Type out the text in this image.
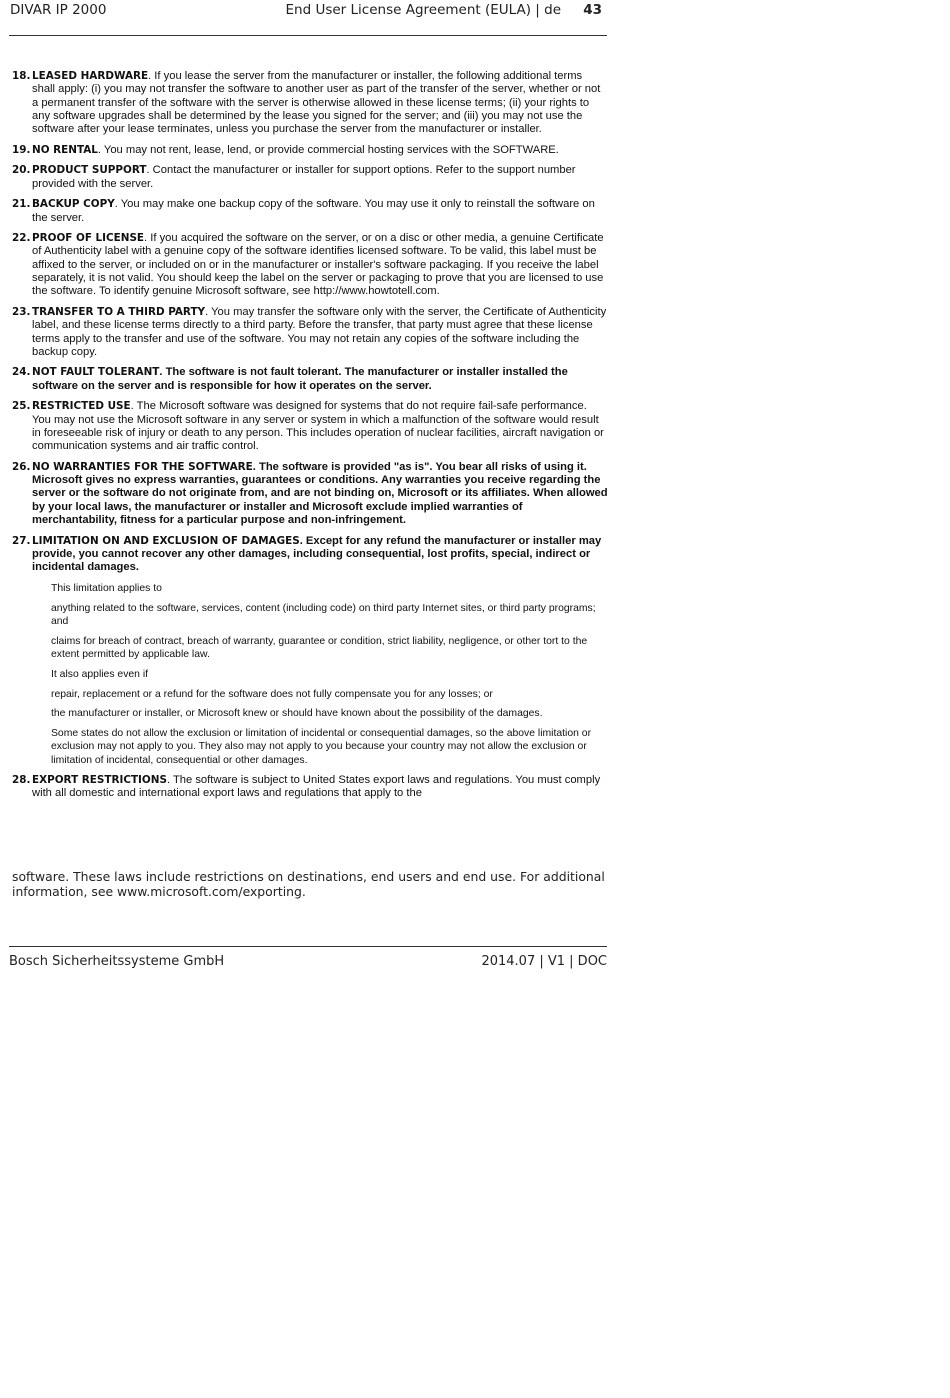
DIVAR IP 2000	End User License Agreement (EULA) | de 43
18. LEASED HARDWARE. If you lease the server from the manufacturer or installer, the following additional terms shall apply: (i) you may not transfer the software to another user as part of the transfer of the server, whether or not a permanent transfer of the software with the server is otherwise allowed in these license terms; (ii) your rights to any software upgrades shall be determined by the lease you signed for the server; and (iii) you may not use the software after your lease terminates, unless you purchase the server from the manufacturer or installer.
19. NO RENTAL. You may not rent, lease, lend, or provide commercial hosting services with the SOFTWARE.
20. PRODUCT SUPPORT. Contact the manufacturer or installer for support options. Refer to the support number provided with the server.
21. BACKUP COPY. You may make one backup copy of the software. You may use it only to reinstall the software on the server.
22. PROOF OF LICENSE. If you acquired the software on the server, or on a disc or other media, a genuine Certificate of Authenticity label with a genuine copy of the software identifies licensed software. To be valid, this label must be affixed to the server, or included on or in the manufacturer or installer's software packaging. If you receive the label separately, it is not valid. You should keep the label on the server or packaging to prove that you are licensed to use the software. To identify genuine Microsoft software, see http://www.howtotell.com.
23. TRANSFER TO A THIRD PARTY. You may transfer the software only with the server, the Certificate of Authenticity label, and these license terms directly to a third party. Before the transfer, that party must agree that these license terms apply to the transfer and use of the software. You may not retain any copies of the software including the backup copy.
24. NOT FAULT TOLERANT. The software is not fault tolerant. The manufacturer or installer installed the software on the server and is responsible for how it operates on the server.
25. RESTRICTED USE. The Microsoft software was designed for systems that do not require fail-safe performance. You may not use the Microsoft software in any server or system in which a malfunction of the software would result in foreseeable risk of injury or death to any person. This includes operation of nuclear facilities, aircraft navigation or communication systems and air traffic control.
26. NO WARRANTIES FOR THE SOFTWARE. The software is provided "as is". You bear all risks of using it. Microsoft gives no express warranties, guarantees or conditions. Any warranties you receive regarding the server or the software do not originate from, and are not binding on, Microsoft or its affiliates. When allowed by your local laws, the manufacturer or installer and Microsoft exclude implied warranties of merchantability, fitness for a particular purpose and non-infringement.
27. LIMITATION ON AND EXCLUSION OF DAMAGES. Except for any refund the manufacturer or installer may provide, you cannot recover any other damages, including consequential, lost profits, special, indirect or incidental damages.

This limitation applies to

anything related to the software, services, content (including code) on third party Internet sites, or third party programs; and

claims for breach of contract, breach of warranty, guarantee or condition, strict liability, negligence, or other tort to the extent permitted by applicable law.

It also applies even if

repair, replacement or a refund for the software does not fully compensate you for any losses; or

the manufacturer or installer, or Microsoft knew or should have known about the possibility of the damages.

Some states do not allow the exclusion or limitation of incidental or consequential damages, so the above limitation or exclusion may not apply to you. They also may not apply to you because your country may not allow the exclusion or limitation of incidental, consequential or other damages.

28. EXPORT RESTRICTIONS. The software is subject to United States export laws and regulations. You must comply with all domestic and international export laws and regulations that apply to the
software. These laws include restrictions on destinations, end users and end use. For additional information, see www.microsoft.com/exporting.
Bosch Sicherheitssysteme GmbH	2014.07 | V1 | DOC
